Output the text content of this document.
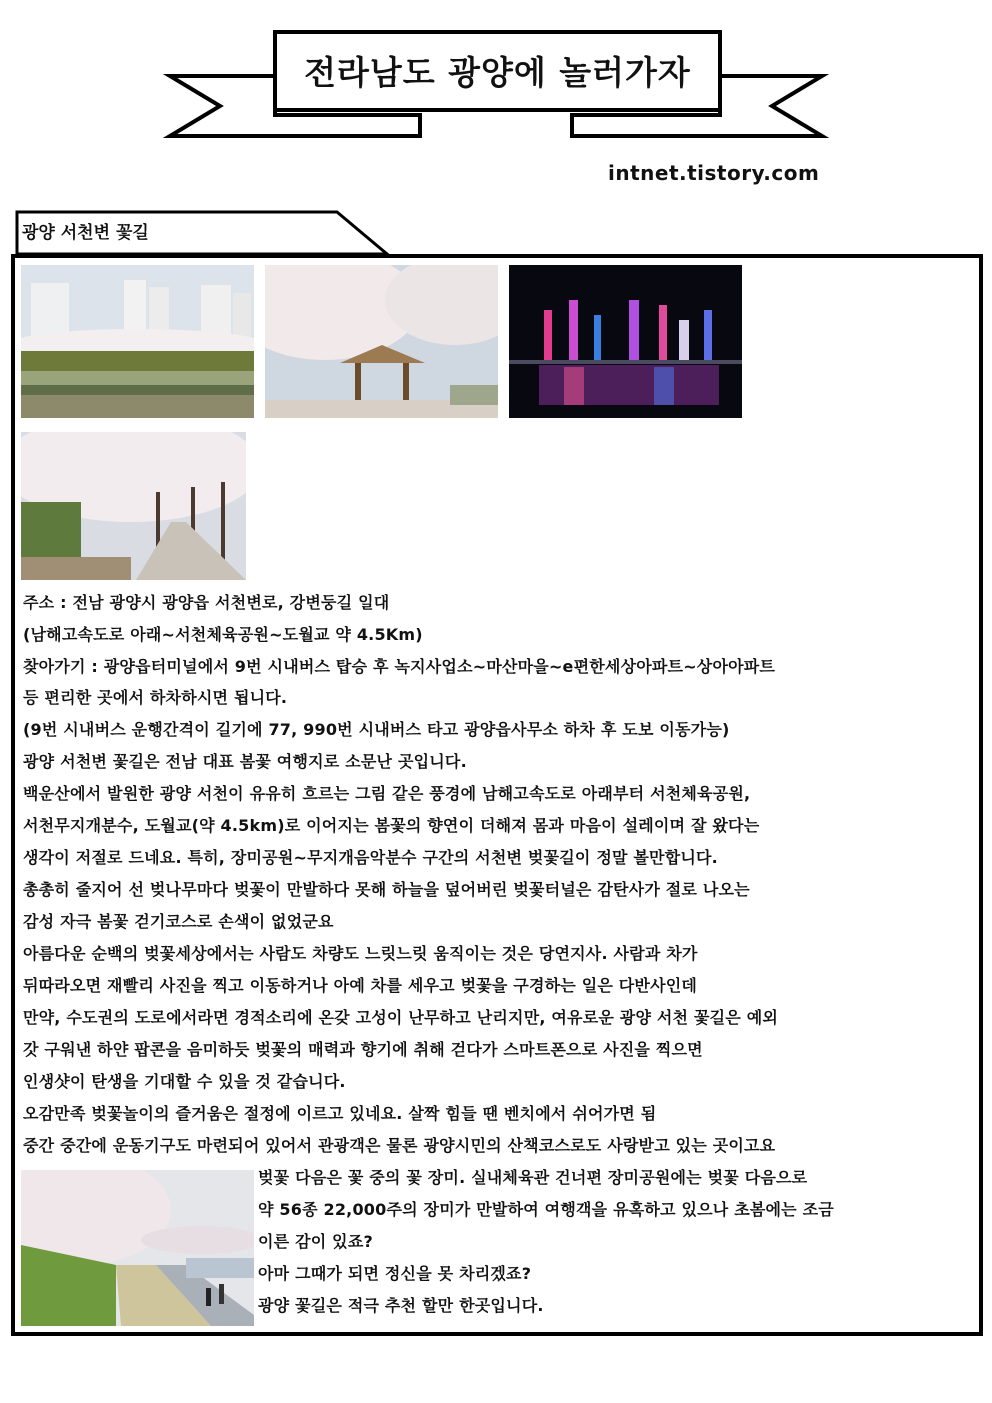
전라남도 광양에 놀러가자
intnet.tistory.com
광양 서천변 꽃길
주소 : 전남 광양시 광양읍 서천변로, 강변둥길 일대
(남해고속도로 아래~서천체육공원~도월교 약 4.5Km)
찾아가기 : 광양읍터미널에서 9번 시내버스 탑승 후 녹지사업소~마산마을~e편한세상아파트~상아아파트
등 편리한 곳에서 하차하시면 됩니다.
(9번 시내버스 운행간격이 길기에 77, 990번 시내버스 타고 광양읍사무소 하차 후 도보 이동가능)
광양 서천변 꽃길은 전남 대표 봄꽃 여행지로 소문난 곳입니다.
백운산에서 발원한 광양 서천이 유유히 흐르는 그림 같은 풍경에 남해고속도로 아래부터 서천체육공원,
서천무지개분수, 도월교(약 4.5km)로 이어지는 봄꽃의 향연이 더해져 몸과 마음이 설레이며 잘 왔다는
생각이 저절로 드네요. 특히, 장미공원~무지개음악분수 구간의 서천변 벚꽃길이 정말 볼만합니다.
총총히 줄지어 선 벚나무마다 벚꽃이 만발하다 못해 하늘을 덮어버린 벚꽃터널은 감탄사가 절로 나오는
감성 자극 봄꽃 걷기코스로 손색이 없었군요
아름다운 순백의 벚꽃세상에서는 사람도 차량도 느릿느릿 움직이는 것은 당연지사. 사람과 차가
뒤따라오면 재빨리 사진을 찍고 이동하거나 아예 차를 세우고 벚꽃을 구경하는 일은 다반사인데
만약, 수도권의 도로에서라면 경적소리에 온갖 고성이 난무하고 난리지만, 여유로운 광양 서천 꽃길은 예외
갓 구워낸 하얀 팝콘을 음미하듯 벚꽃의 매력과 향기에 취해 걷다가 스마트폰으로 사진을 찍으면
인생샷이 탄생을 기대할 수 있을 것 같습니다.
오감만족 벚꽃놀이의 즐거움은 절정에 이르고 있네요. 살짝 힘들 땐 벤치에서 쉬어가면 됨
중간 중간에 운동기구도 마련되어 있어서 관광객은 물론 광양시민의 산책코스로도 사랑받고 있는 곳이고요
벚꽃 다음은 꽃 중의 꽃 장미. 실내체육관 건너편 장미공원에는 벚꽃 다음으로
약 56종 22,000주의 장미가 만발하여 여행객을 유혹하고 있으나 초봄에는 조금
이른 감이 있죠?
아마 그때가 되면 정신을 못 차리겠죠?
광양 꽃길은 적극 추천 할만 한곳입니다.
